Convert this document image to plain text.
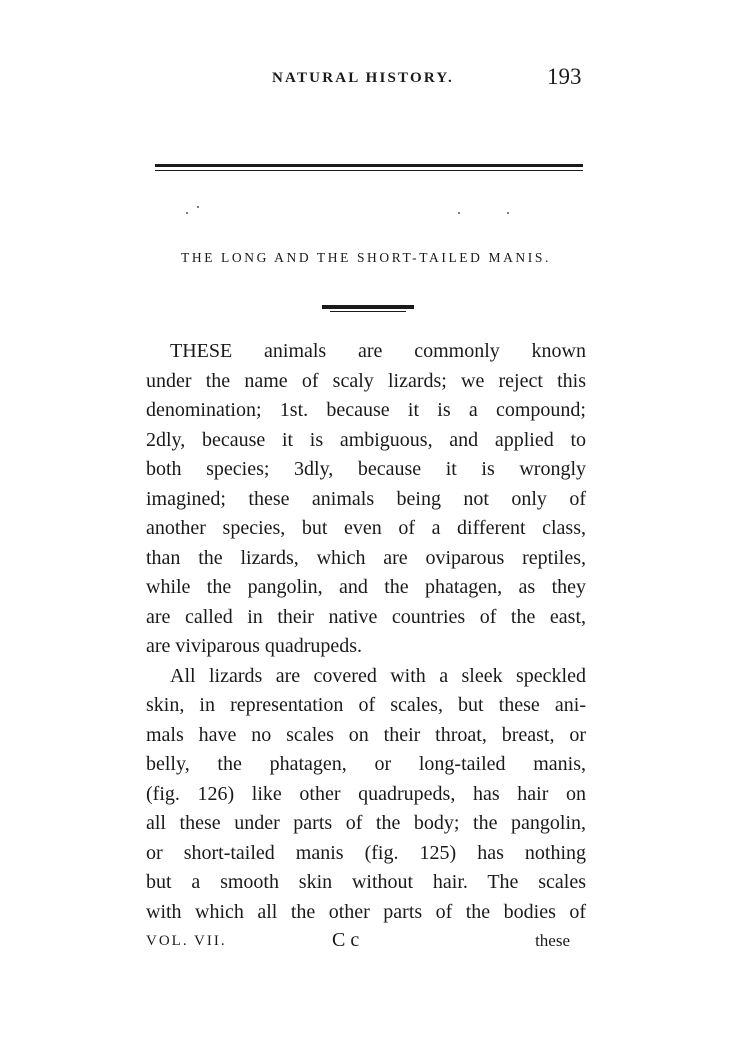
NATURAL HISTORY.	193
THE LONG AND THE SHORT-TAILED MANIS.
THESE animals are commonly known
under the name of scaly lizards; we reject this
denomination; 1st. because it is a compound;
2dly, because it is ambiguous, and applied to
both species; 3dly, because it is wrongly
imagined; these animals being not only of
another species, but even of a different class,
than the lizards, which are oviparous reptiles,
while the pangolin, and the phatagen, as they
are called in their native countries of the east,
are viviparous quadrupeds.
All lizards are covered with a sleek speckled
skin, in representation of scales, but these ani-
mals have no scales on their throat, breast, or
belly, the phatagen, or long-tailed manis,
(fig. 126) like other quadrupeds, has hair on
all these under parts of the body; the pangolin,
or short-tailed manis (fig. 125) has nothing
but a smooth skin without hair. The scales
with which all the other parts of the bodies of
VOL. VII.	C c	these
